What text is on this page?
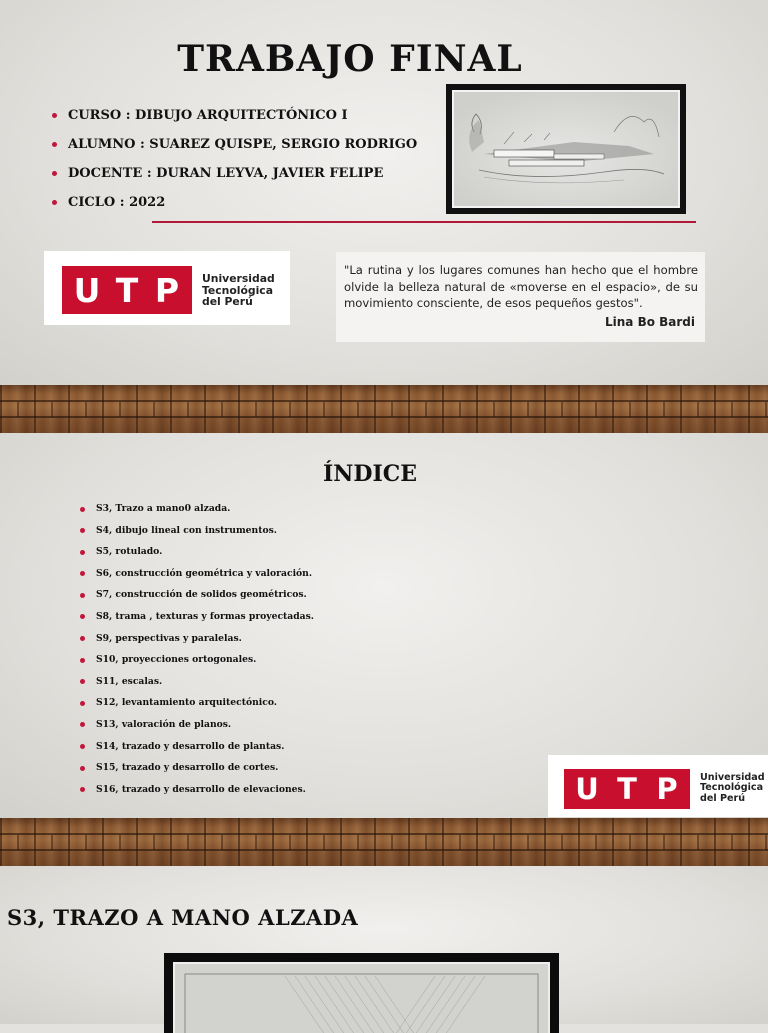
TRABAJO FINAL
CURSO : DIBUJO ARQUITECTÓNICO I
ALUMNO : SUAREZ QUISPE, SERGIO RODRIGO
DOCENTE : DURAN LEYVA, JAVIER FELIPE
CICLO : 2022
U T P	Universidad
Tecnológica
del Perú
"La rutina y los lugares comunes han hecho que el hombre olvide la belleza natural de «moverse en el espacio», de su movimiento consciente, de esos pequeños gestos".
Lina Bo Bardi
ÍNDICE
S3, Trazo a mano0 alzada.
S4, dibujo lineal con instrumentos.
S5, rotulado.
S6, construcción geométrica y valoración.
S7, construcción de solidos geométricos.
S8, trama , texturas y formas proyectadas.
S9, perspectivas y paralelas.
S10, proyecciones ortogonales.
S11, escalas.
S12, levantamiento arquitectónico.
S13, valoración de planos.
S14, trazado y desarrollo de plantas.
S15, trazado y desarrollo de cortes.
S16, trazado y desarrollo de elevaciones.	U T P	Universidad
Tecnológica
del Perú
S3, TRAZO A MANO ALZADA
